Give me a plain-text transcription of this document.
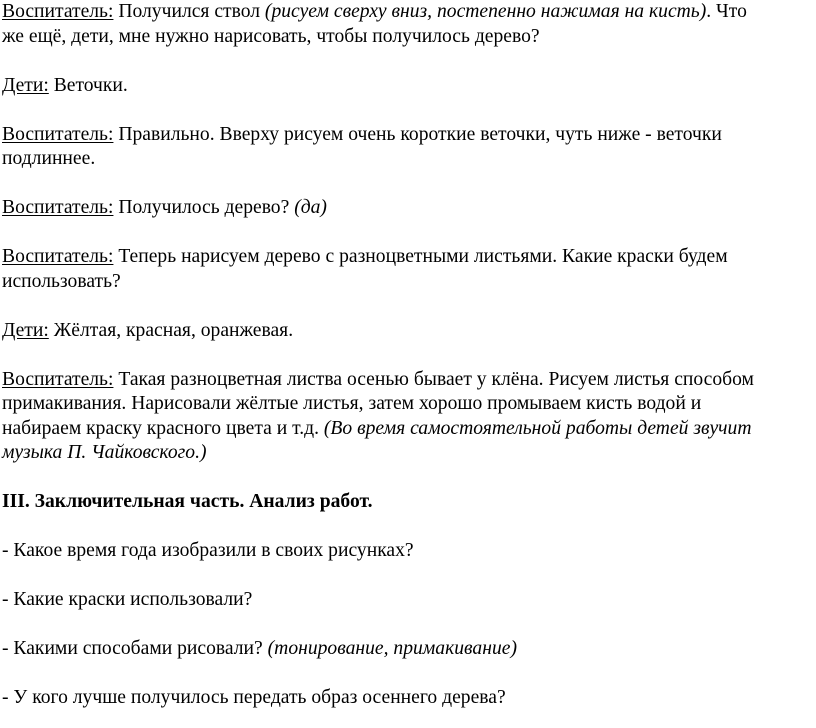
Воспитатель: Получился ствол (рисуем сверху вниз, постепенно нажимая на кисть). Что
же ещё, дети, мне нужно нарисовать, чтобы получилось дерево?

Дети: Веточки.

Воспитатель: Правильно. Вверху рисуем очень короткие веточки, чуть ниже - веточки
подлиннее.

Воспитатель: Получилось дерево? (да)

Воспитатель: Теперь нарисуем дерево с разноцветными листьями. Какие краски будем
использовать?

Дети: Жёлтая, красная, оранжевая.

Воспитатель: Такая разноцветная листва осенью бывает у клёна. Рисуем листья способом
примакивания. Нарисовали жёлтые листья, затем хорошо промываем кисть водой и
набираем краску красного цвета и т.д. (Во время самостоятельной работы детей звучит
музыка П. Чайковского.)

III. Заключительная часть. Анализ работ.

- Какое время года изобразили в своих рисунках?

- Какие краски использовали?

- Какими способами рисовали? (тонирование, примакивание)

- У кого лучше получилось передать образ осеннего дерева?
